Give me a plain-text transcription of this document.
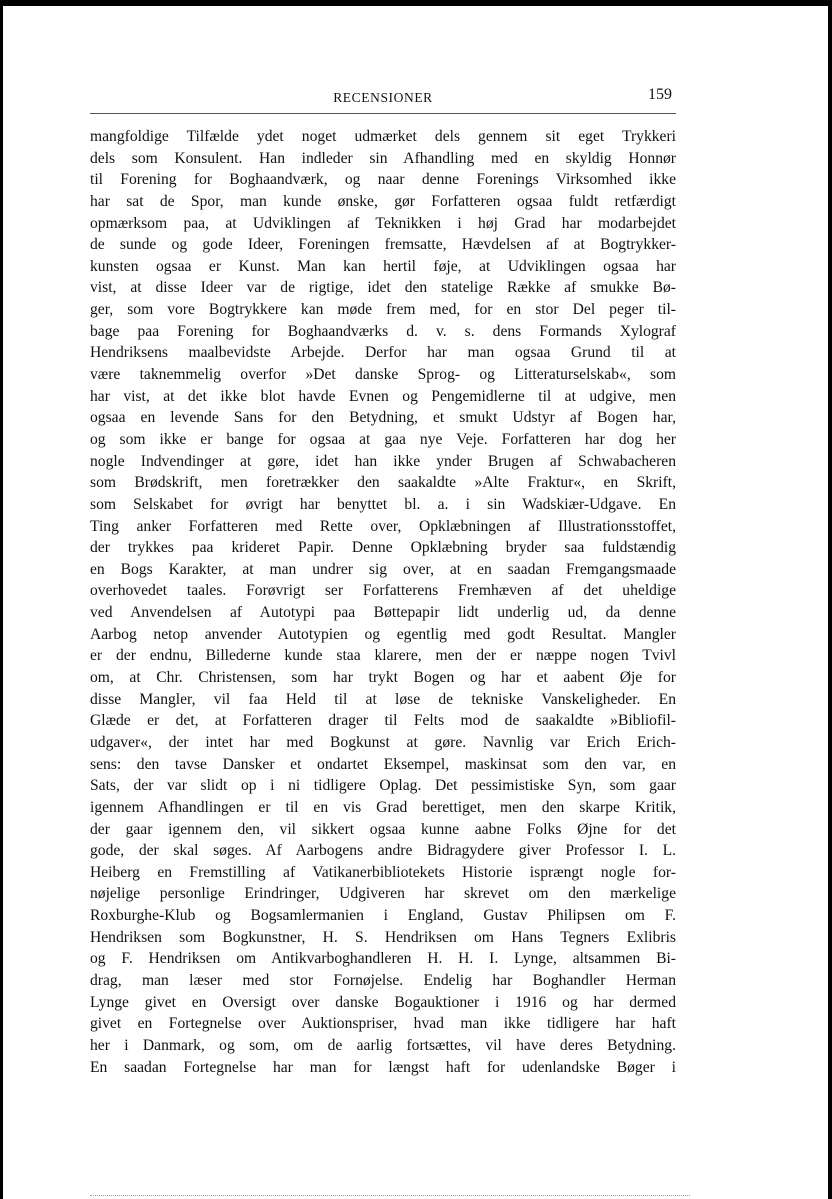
RECENSIONER	159
mangfoldige Tilfælde ydet noget udmærket dels gennem sit eget Trykkeri
dels som Konsulent. Han indleder sin Afhandling med en skyldig Honnør
til Forening for Boghaandværk, og naar denne Forenings Virksomhed ikke
har sat de Spor, man kunde ønske, gør Forfatteren ogsaa fuldt retfærdigt
opmærksom paa, at Udviklingen af Teknikken i høj Grad har modarbejdet
de sunde og gode Ideer, Foreningen fremsatte, Hævdelsen af at Bogtrykker-
kunsten ogsaa er Kunst. Man kan hertil føje, at Udviklingen ogsaa har
vist, at disse Ideer var de rigtige, idet den statelige Række af smukke Bø-
ger, som vore Bogtrykkere kan møde frem med, for en stor Del peger til-
bage paa Forening for Boghaandværks d. v. s. dens Formands Xylograf
Hendriksens maalbevidste Arbejde. Derfor har man ogsaa Grund til at
være taknemmelig overfor »Det danske Sprog- og Litteraturselskab«, som
har vist, at det ikke blot havde Evnen og Pengemidlerne til at udgive, men
ogsaa en levende Sans for den Betydning, et smukt Udstyr af Bogen har,
og som ikke er bange for ogsaa at gaa nye Veje. Forfatteren har dog her
nogle Indvendinger at gøre, idet han ikke ynder Brugen af Schwabacheren
som Brødskrift, men foretrækker den saakaldte »Alte Fraktur«, en Skrift,
som Selskabet for øvrigt har benyttet bl. a. i sin Wadskiær-Udgave. En
Ting anker Forfatteren med Rette over, Opklæbningen af Illustrationsstoffet,
der trykkes paa krideret Papir. Denne Opklæbning bryder saa fuldstændig
en Bogs Karakter, at man undrer sig over, at en saadan Fremgangsmaade
overhovedet taales. Forøvrigt ser Forfatterens Fremhæven af det uheldige
ved Anvendelsen af Autotypi paa Bøttepapir lidt underlig ud, da denne
Aarbog netop anvender Autotypien og egentlig med godt Resultat. Mangler
er der endnu, Billederne kunde staa klarere, men der er næppe nogen Tvivl
om, at Chr. Christensen, som har trykt Bogen og har et aabent Øje for
disse Mangler, vil faa Held til at løse de tekniske Vanskeligheder. En
Glæde er det, at Forfatteren drager til Felts mod de saakaldte »Bibliofil-
udgaver«, der intet har med Bogkunst at gøre. Navnlig var Erich Erich-
sens: den tavse Dansker et ondartet Eksempel, maskinsat som den var, en
Sats, der var slidt op i ni tidligere Oplag. Det pessimistiske Syn, som gaar
igennem Afhandlingen er til en vis Grad berettiget, men den skarpe Kritik,
der gaar igennem den, vil sikkert ogsaa kunne aabne Folks Øjne for det
gode, der skal søges. Af Aarbogens andre Bidragydere giver Professor I. L.
Heiberg en Fremstilling af Vatikanerbibliotekets Historie isprængt nogle for-
nøjelige personlige Erindringer, Udgiveren har skrevet om den mærkelige
Roxburghe-Klub og Bogsamlermanien i England, Gustav Philipsen om F.
Hendriksen som Bogkunstner, H. S. Hendriksen om Hans Tegners Exlibris
og F. Hendriksen om Antikvarboghandleren H. H. I. Lynge, altsammen Bi-
drag, man læser med stor Fornøjelse. Endelig har Boghandler Herman
Lynge givet en Oversigt over danske Bogauktioner i 1916 og har dermed
givet en Fortegnelse over Auktionspriser, hvad man ikke tidligere har haft
her i Danmark, og som, om de aarlig fortsættes, vil have deres Betydning.
En saadan Fortegnelse har man for længst haft for udenlandske Bøger i
